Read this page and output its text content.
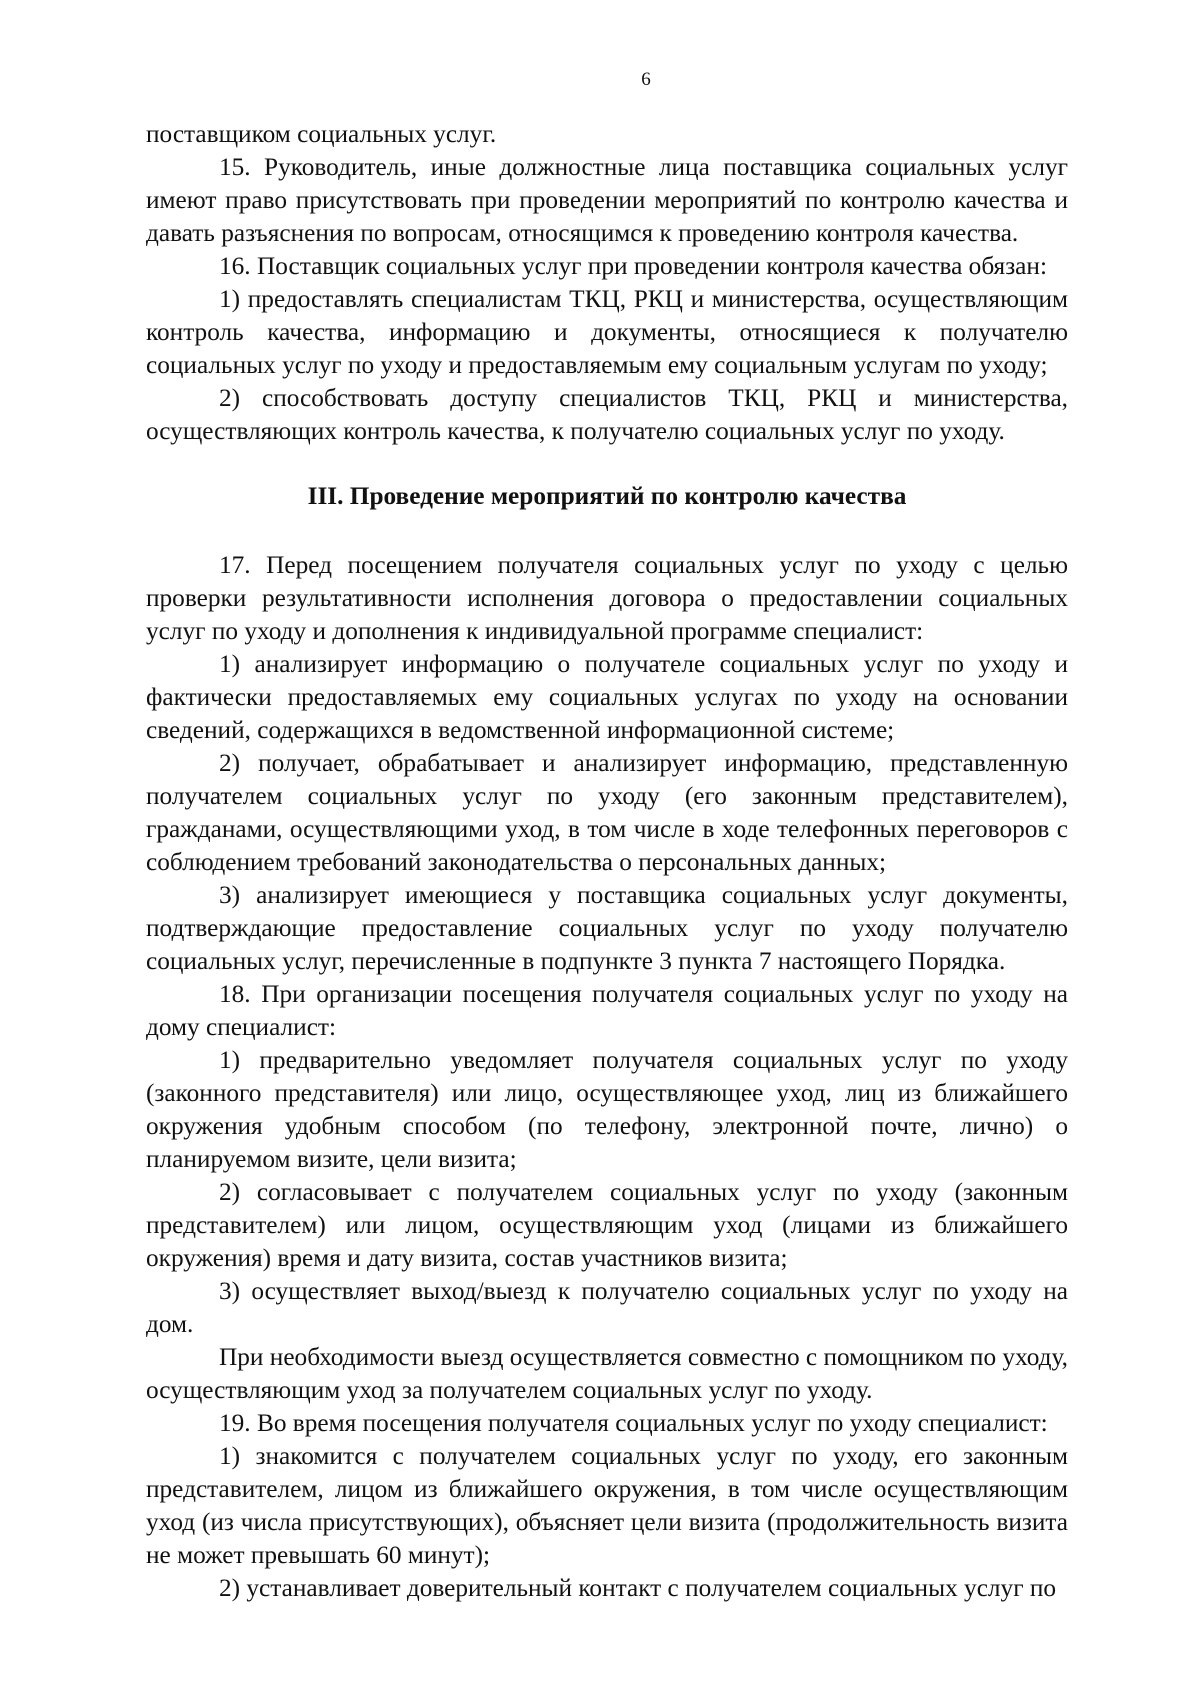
6

поставщиком социальных услуг.

15. Руководитель, иные должностные лица поставщика социальных услуг имеют право присутствовать при проведении мероприятий по контролю качества и давать разъяснения по вопросам, относящимся к проведению контроля качества.

16. Поставщик социальных услуг при проведении контроля качества обязан:

1) предоставлять специалистам ТКЦ, РКЦ и министерства, осуществляющим контроль качества, информацию и документы, относящиеся к получателю социальных услуг по уходу и предоставляемым ему социальным услугам по уходу;

2) способствовать доступу специалистов ТКЦ, РКЦ и министерства, осуществляющих контроль качества, к получателю социальных услуг по уходу.

III. Проведение мероприятий по контролю качества

17. Перед посещением получателя социальных услуг по уходу с целью проверки результативности исполнения договора о предоставлении социальных услуг по уходу и дополнения к индивидуальной программе специалист:

1) анализирует информацию о получателе социальных услуг по уходу и фактически предоставляемых ему социальных услугах по уходу на основании сведений, содержащихся в ведомственной информационной системе;

2) получает, обрабатывает и анализирует информацию, представленную получателем социальных услуг по уходу (его законным представителем), гражданами, осуществляющими уход, в том числе в ходе телефонных переговоров с соблюдением требований законодательства о персональных данных;

3) анализирует имеющиеся у поставщика социальных услуг документы, подтверждающие предоставление социальных услуг по уходу получателю социальных услуг, перечисленные в подпункте 3 пункта 7 настоящего Порядка.

18. При организации посещения получателя социальных услуг по уходу на дому специалист:

1) предварительно уведомляет получателя социальных услуг по уходу (законного представителя) или лицо, осуществляющее уход, лиц из ближайшего окружения удобным способом (по телефону, электронной почте, лично) о планируемом визите, цели визита;

2) согласовывает с получателем социальных услуг по уходу (законным представителем) или лицом, осуществляющим уход (лицами из ближайшего окружения) время и дату визита, состав участников визита;

3) осуществляет выход/выезд к получателю социальных услуг по уходу на дом.

При необходимости выезд осуществляется совместно с помощником по уходу, осуществляющим уход за получателем социальных услуг по уходу.

19. Во время посещения получателя социальных услуг по уходу специалист:

1) знакомится с получателем социальных услуг по уходу, его законным представителем, лицом из ближайшего окружения, в том числе осуществляющим уход (из числа присутствующих), объясняет цели визита (продолжительность визита не может превышать 60 минут);

2) устанавливает доверительный контакт с получателем социальных услуг по
